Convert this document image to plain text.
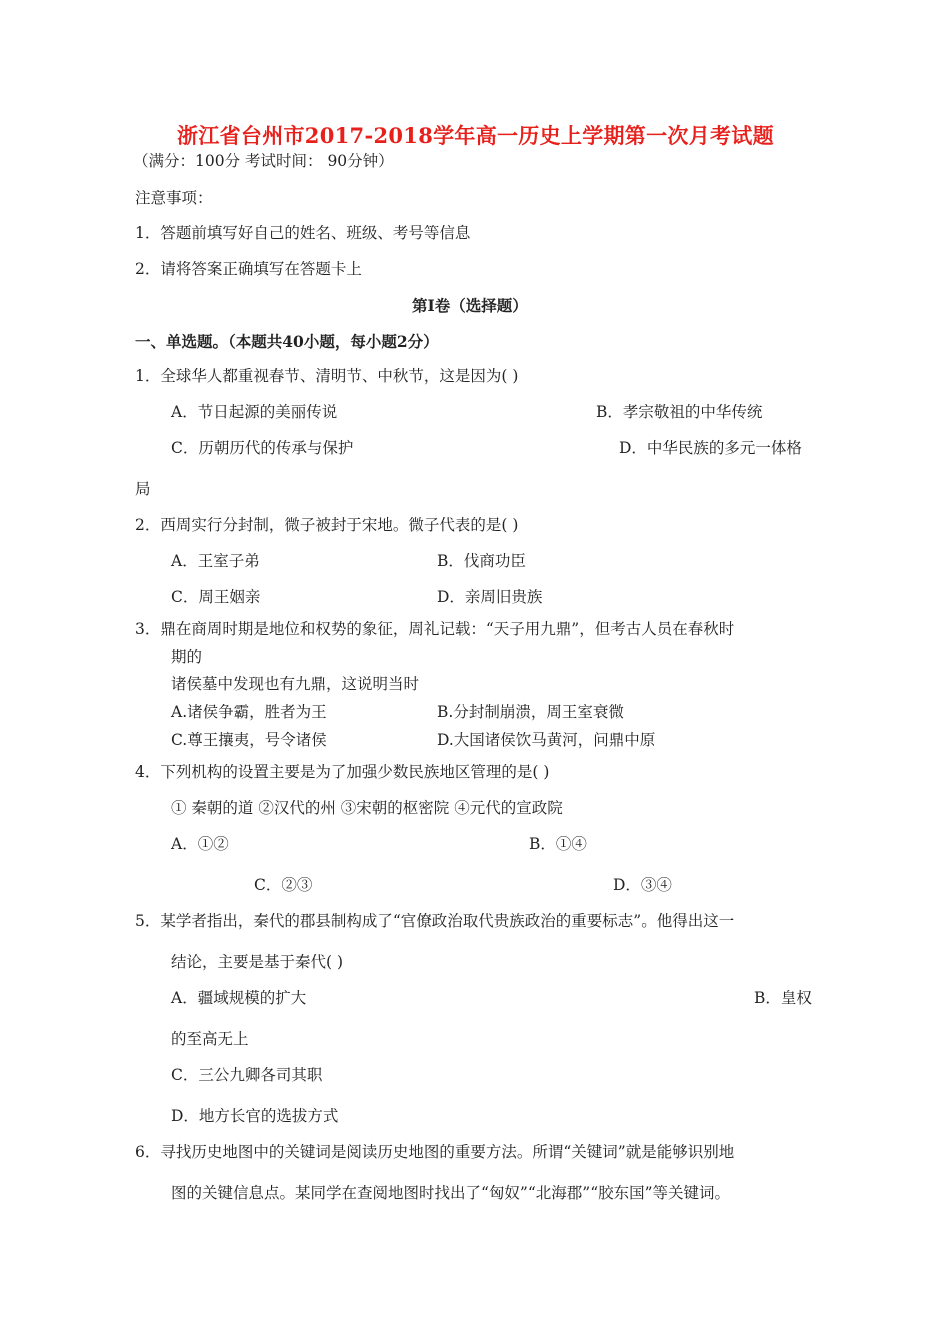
浙江省台州市2017-2018学年高一历史上学期第一次月考试题
（满分：100分 考试时间： 90分钟）
注意事项：
1．答题前填写好自己的姓名、班级、考号等信息
2．请将答案正确填写在答题卡上
第Ⅰ卷（选择题）
一、单选题。（本题共40小题，每小题2分）
1．全球华人都重视春节、清明节、中秋节，这是因为( )
A．节日起源的美丽传说	B．孝宗敬祖的中华传统
C．历朝历代的传承与保护	D．中华民族的多元一体格
局
2．西周实行分封制，微子被封于宋地。微子代表的是( )
A．王室子弟	B．伐商功臣
C．周王姻亲	D．亲周旧贵族
3．鼎在商周时期是地位和权势的象征，周礼记载：“天子用九鼎”，但考古人员在春秋时
期的
诸侯墓中发现也有九鼎，这说明当时
A.诸侯争霸，胜者为王	B.分封制崩溃，周王室衰微
C.尊王攘夷，号令诸侯	D.大国诸侯饮马黄河，问鼎中原
4．下列机构的设置主要是为了加强少数民族地区管理的是( )
① 秦朝的道 ②汉代的州 ③宋朝的枢密院 ④元代的宣政院
A．①②	B．①④
C．②③	D．③④
5．某学者指出，秦代的郡县制构成了“官僚政治取代贵族政治的重要标志”。他得出这一
结论，主要是基于秦代( )
A．疆域规模的扩大	B．皇权
的至高无上
C．三公九卿各司其职
D．地方长官的选拔方式
6．寻找历史地图中的关键词是阅读历史地图的重要方法。所谓“关键词”就是能够识别地
图的关键信息点。某同学在查阅地图时找出了“匈奴”“北海郡”“胶东国”等关键词。
